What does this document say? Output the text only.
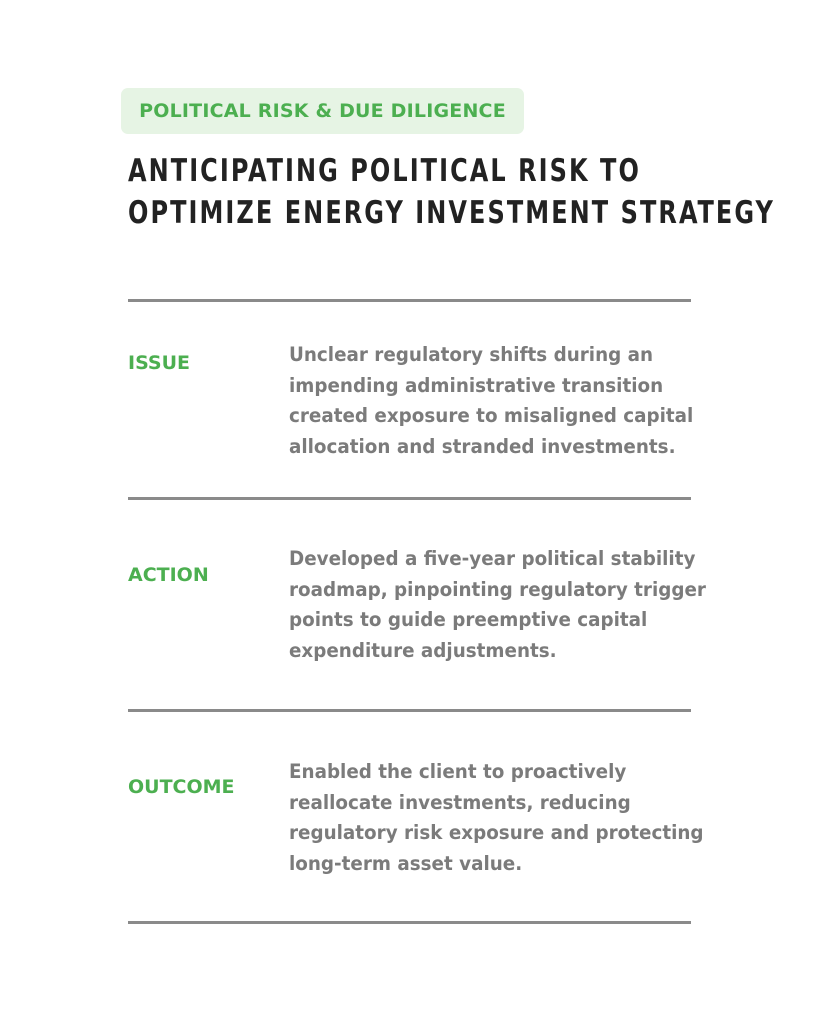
POLITICAL RISK & DUE DILIGENCE
ANTICIPATING POLITICAL RISK TO
OPTIMIZE ENERGY INVESTMENT STRATEGY
ISSUE	Unclear regulatory shifts during an
impending administrative transition
created exposure to misaligned capital
allocation and stranded investments.

ACTION

Developed a five-year political stability
roadmap, pinpointing regulatory trigger
points to guide preemptive capital
expenditure adjustments.

OUTCOME

Enabled the client to proactively
reallocate investments, reducing
regulatory risk exposure and protecting
long-term asset value.
